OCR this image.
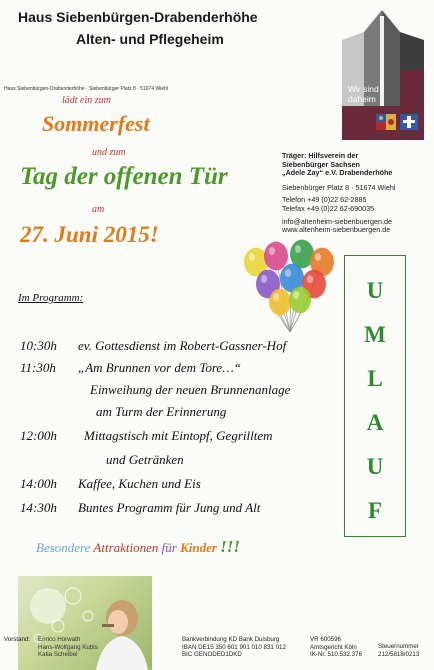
Haus Siebenbürgen-Drabenderhöhe
Alten- und Pflegeheim
Wir sind
daheim
Haus Siebenbürgen-Drabenderhöhe · Siebenbürger Platz 8 · 51674 Wiehl
lädt ein zum
Sommerfest
und zum
Tag der offenen Tür
am
27. Juni 2015!
Träger: Hilfsverein der
Siebenbürger Sachsen
„Adele Zay“ e.V. Drabenderhöhe
Siebenbürger Platz 8 · 51674 Wiehl
Telefon +49 (0)22 62-2885
Telefax +49 (0)22 62-690035
info@altenheim-siebenbuergen.de
www.altenheim-siebenbuergen.de
U
M
L
A
U
F
Im Programm:
10:30h ev. Gottesdienst im Robert-Gassner-Hof
11:30h „Am Brunnen vor dem Tore…“
Einweihung der neuen Brunnenanlage
am Turm der Erinnerung
12:00h Mittagstisch mit Eintopf, Gegrilltem
und Getränken
14:00h Kaffee, Kuchen und Eis
14:30h Buntes Programm für Jung und Alt
Besondere Attraktionen für Kinder !!!
Vorstand: Enrico Horwath
Hans-Wolfgang Kubis
Katia Scheibel
Bankverbindung KD Bank Duisburg
IBAN DE15 350 601 901 010 831 012
BIC GENODED1DKD
VR 600596
Amtsgericht Köln
IK-Nr. 510.532.376
Steuernummer
212/5818/0213
